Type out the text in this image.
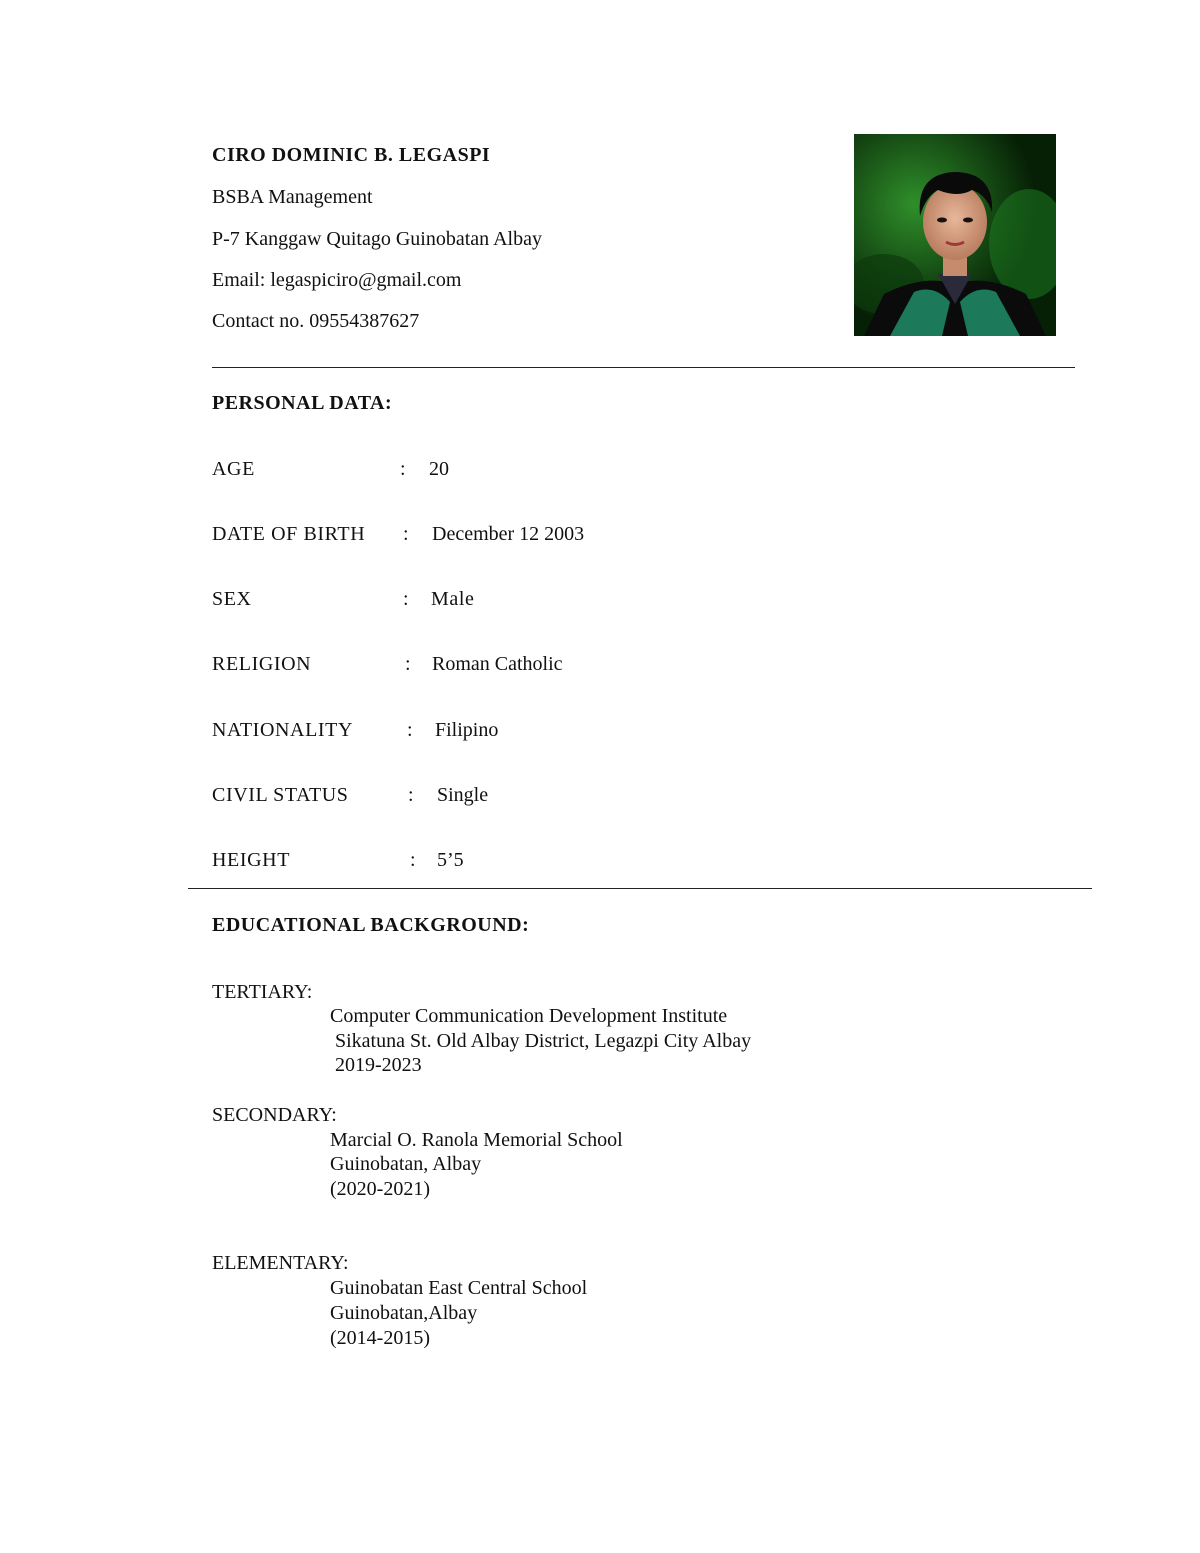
CIRO DOMINIC B. LEGASPI
BSBA Management
P-7 Kanggaw Quitago Guinobatan Albay
Email: legaspiciro@gmail.com
Contact no. 09554387627
PERSONAL DATA:
AGE	: 20
DATE OF BIRTH : December 12 2003
SEX	: Male
RELIGION	: Roman Catholic
NATIONALITY	: Filipino
CIVIL STATUS	: Single
HEIGHT	: 5’5
EDUCATIONAL BACKGROUND:
TERTIARY:
Computer Communication Development Institute
Sikatuna St. Old Albay District, Legazpi City Albay
2019-2023
SECONDARY:
Marcial O. Ranola Memorial School
Guinobatan, Albay
(2020-2021)
ELEMENTARY:
Guinobatan East Central School
Guinobatan,Albay
(2014-2015)
